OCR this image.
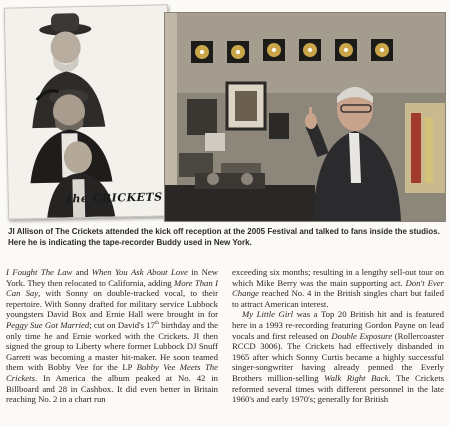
the CRICKETS
JI Allison of The Crickets attended the kick off reception at the 2005 Festival and talked to fans inside the studios. Here he is indicating the tape-recorder Buddy used in New York.

I Fought The Law and When You Ask About Love in New York. They then relocated to California, adding More Than I Can Say, with Sonny on double-tracked vocal, to their repertoire. With Sonny drafted for military service Lubbock youngsters David Box and Ernie Hall were brought in for Peggy Sue Got Married; cut on David's 17th birthday and the only time he and Ernie worked with the Crickets. JI then signed the group to Liberty where former Lubbock DJ Snuff Garrett was becoming a master hit-maker. He soon teamed them with Bobby Vee for the LP Bobby Vee Meets The Crickets. In America the album peaked at No. 42 in Billboard and 28 in Cashbox. It did even better in Britain reaching No. 2 in a chart run

exceeding six months; resulting in a lengthy sell-out tour on which Mike Berry was the main supporting act. Don't Ever Change reached No. 4 in the British singles chart but failed to attract American interest.

My Little Girl was a Top 20 British hit and is featured here in a 1993 re-recording featuring Gordon Payne on lead vocals and first released on Double Exposure (Rollercoaster RCCD 3006). The Crickets had effectively disbanded in 1965 after which Sonny Curtis became a highly successful singer-songwriter having already penned the Everly Brothers million-selling Walk Right Back. The Crickets reformed several times with different personnel in the late 1960's and early 1970's; generally for British
